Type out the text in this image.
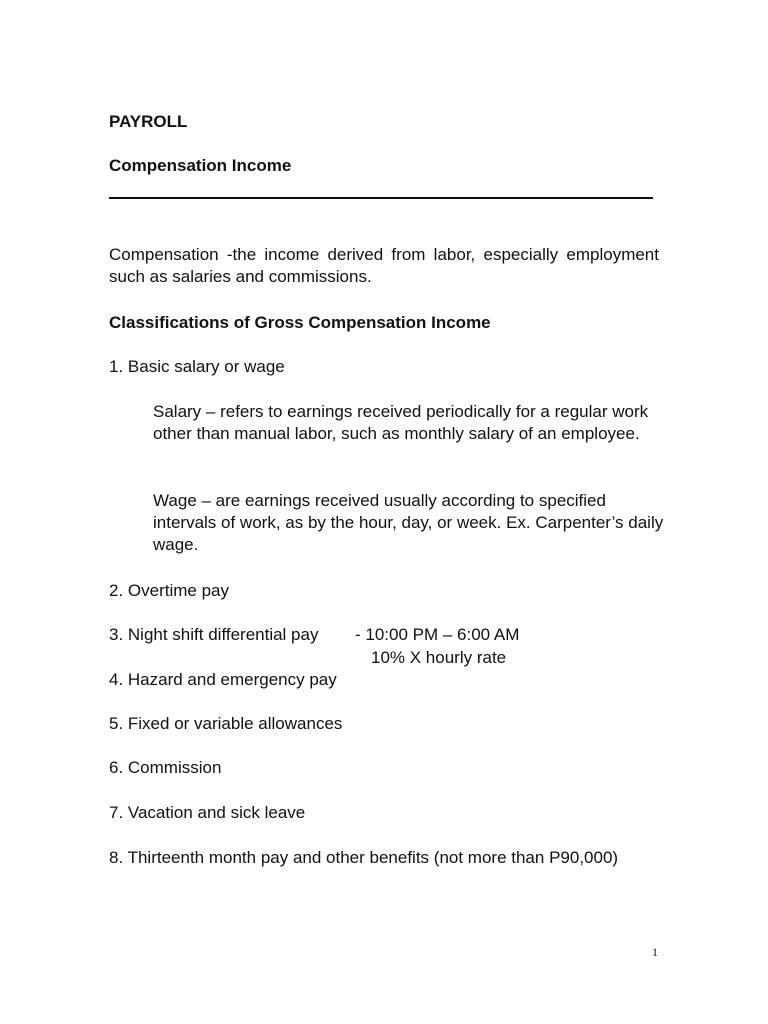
PAYROLL
Compensation Income
Compensation -the income derived from labor, especially employment such as salaries and commissions.
Classifications of Gross Compensation Income
1. Basic salary or wage
Salary – refers to earnings received periodically for a regular work other than manual labor, such as monthly salary of an employee.
Wage – are earnings received usually according to specified intervals of work, as by the hour, day, or week. Ex. Carpenter’s daily wage.
2. Overtime pay
3. Night shift differential pay - 10:00 PM – 6:00 AM
10% X hourly rate
4. Hazard and emergency pay
5. Fixed or variable allowances
6. Commission
7. Vacation and sick leave
8. Thirteenth month pay and other benefits (not more than P90,000)
1
